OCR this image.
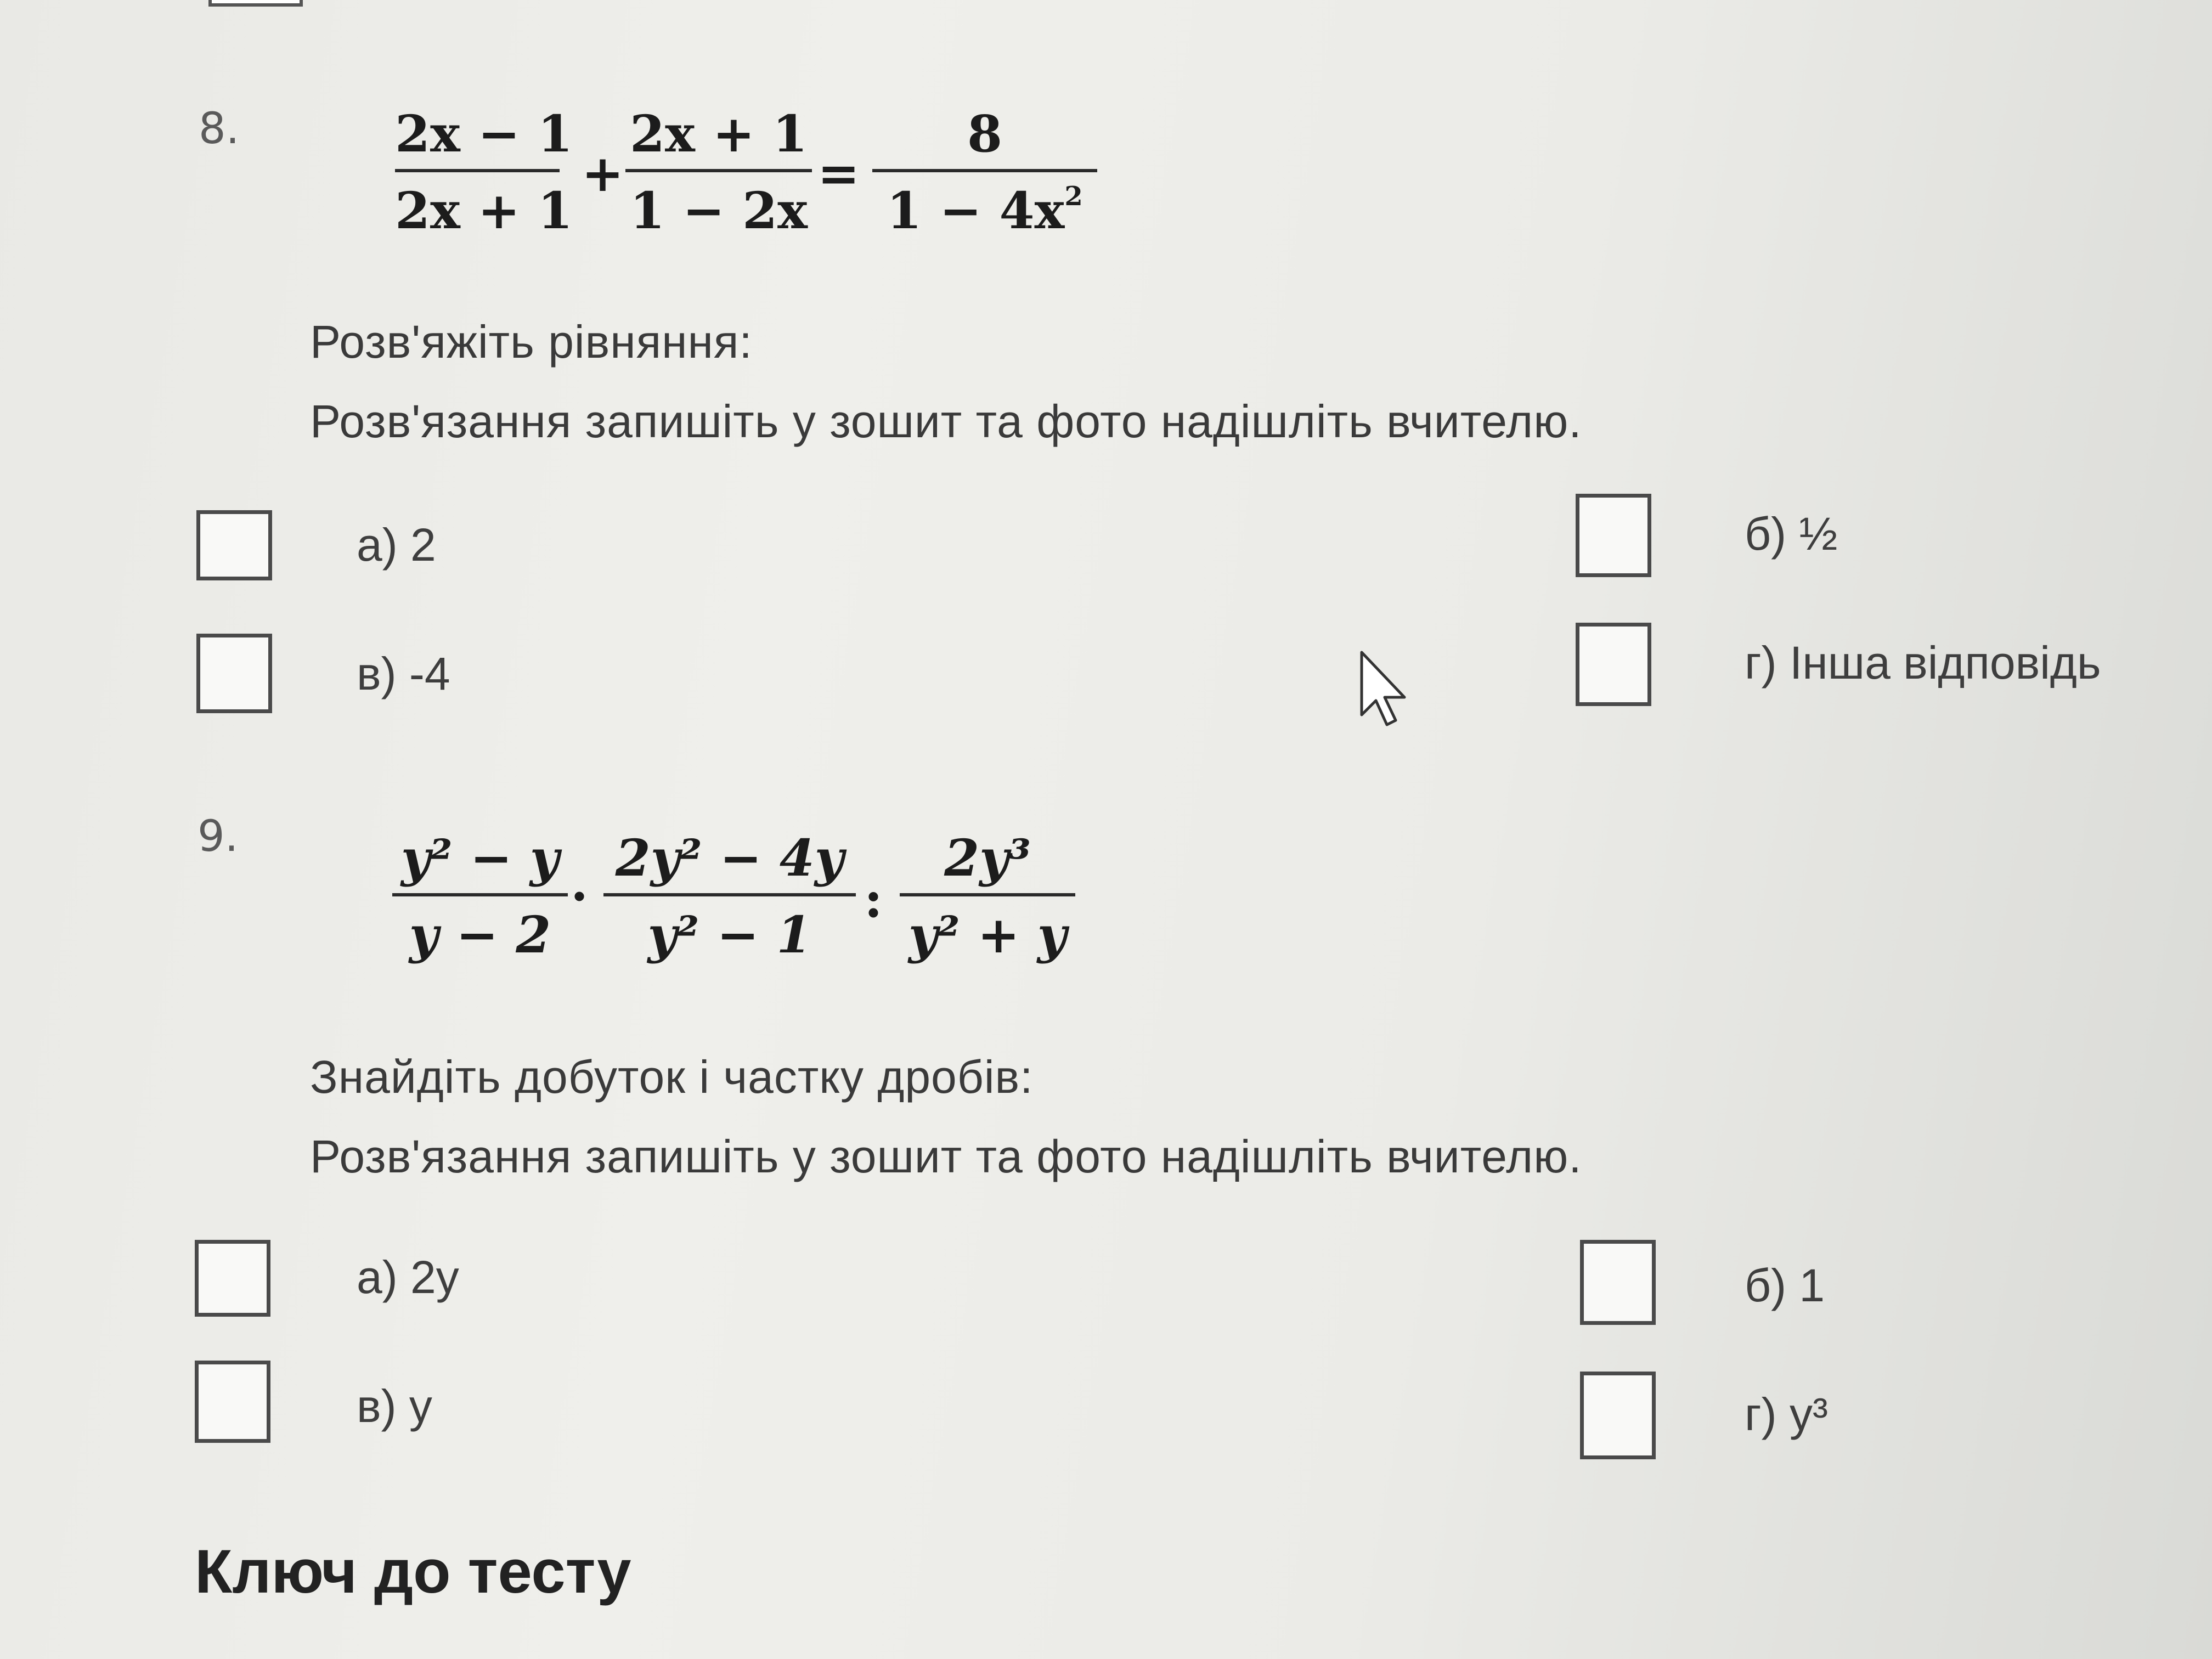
8.	2x − 1
2x + 1
+
2x + 1
1 − 2x
=
8
$1 - 4x^2$
Розв'яжіть рівняння:
Розв'язання запишіть у зошит та фото надішліть вчителю.
а) 2	б) ½
в) -4	г) Інша відповідь
9.	y² − y
y − 2
·
2y² − 4y
y² − 1
:
2y³
y² + y
Знайдіть добуток і частку дробів:
Розв'язання запишіть у зошит та фото надішліть вчителю.
а) 2у	б) 1
в) у	г) у³
Ключ до тесту
